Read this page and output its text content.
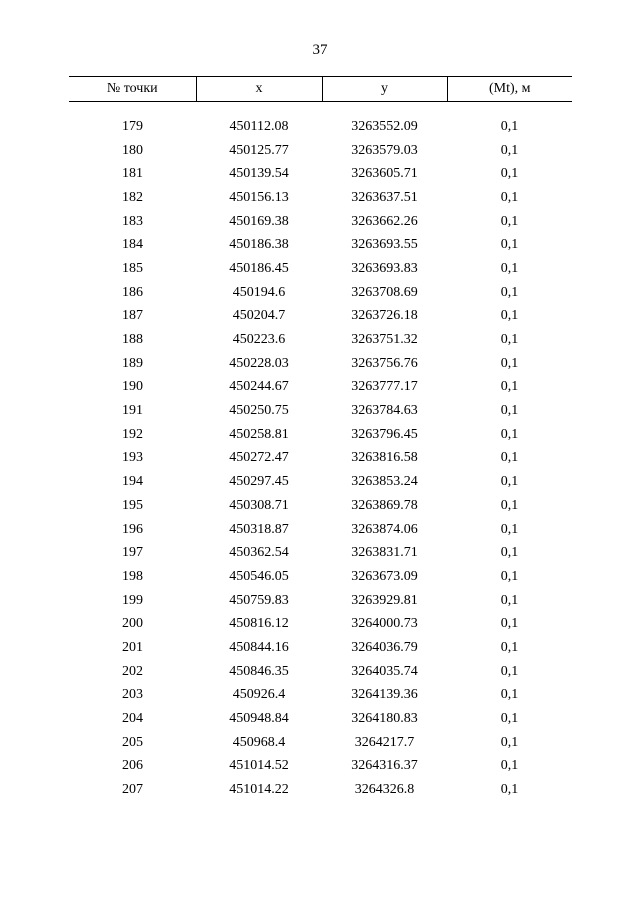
37
№ точки	x	y	(Mt), м

179	450112.08	3263552.09	0,1
180	450125.77	3263579.03	0,1
181	450139.54	3263605.71	0,1
182	450156.13	3263637.51	0,1
183	450169.38	3263662.26	0,1
184	450186.38	3263693.55	0,1
185	450186.45	3263693.83	0,1
186	450194.6	3263708.69	0,1
187	450204.7	3263726.18	0,1
188	450223.6	3263751.32	0,1
189	450228.03	3263756.76	0,1
190	450244.67	3263777.17	0,1
191	450250.75	3263784.63	0,1
192	450258.81	3263796.45	0,1
193	450272.47	3263816.58	0,1
194	450297.45	3263853.24	0,1
195	450308.71	3263869.78	0,1
196	450318.87	3263874.06	0,1
197	450362.54	3263831.71	0,1
198	450546.05	3263673.09	0,1
199	450759.83	3263929.81	0,1
200	450816.12	3264000.73	0,1
201	450844.16	3264036.79	0,1
202	450846.35	3264035.74	0,1
203	450926.4	3264139.36	0,1
204	450948.84	3264180.83	0,1
205	450968.4	3264217.7	0,1
206	451014.52	3264316.37	0,1
207	451014.22	3264326.8	0,1
